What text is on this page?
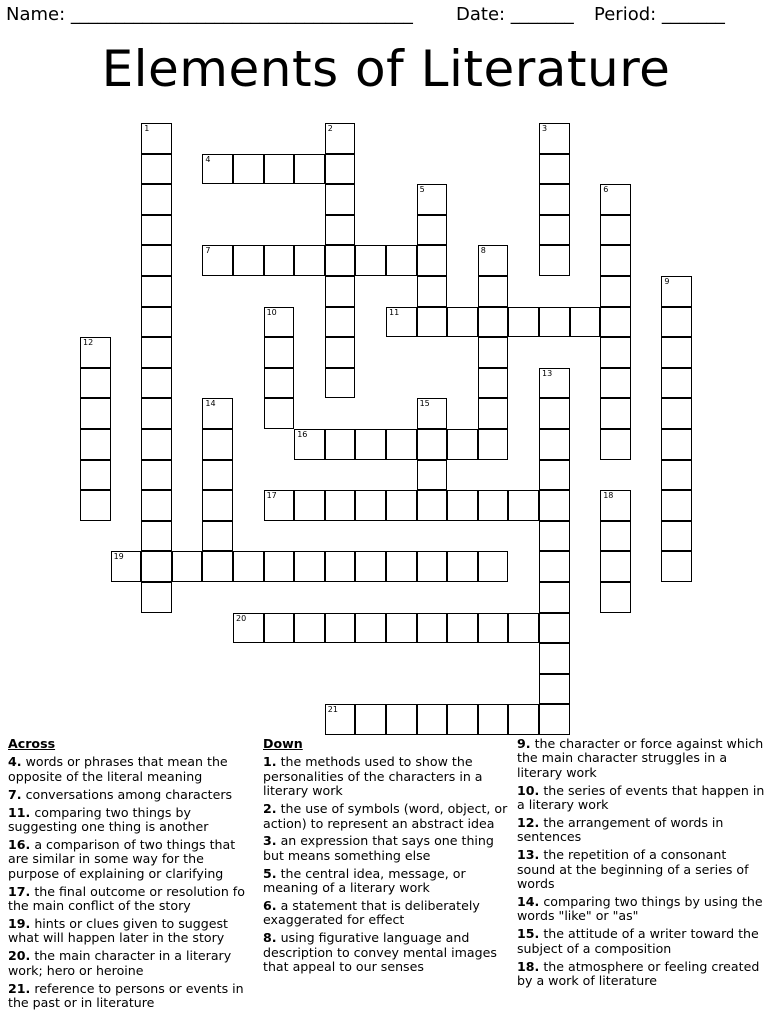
Name: ______________________________________ Date: _______ Period: _______
Elements of Literature
1	2	3
4
5	6
7	8
9
10	11
12
13
14	15
16
17	18
19
20
21
Across
4. words or phrases that mean the opposite of the literal meaning
7. conversations among characters
11. comparing two things by suggesting one thing is another
16. a comparison of two things that are similar in some way for the purpose of explaining or clarifying
17. the final outcome or resolution fo the main conflict of the story
19. hints or clues given to suggest what will happen later in the story
20. the main character in a literary work; hero or heroine
21. reference to persons or events in the past or in literature
Down
1. the methods used to show the personalities of the characters in a literary work
2. the use of symbols (word, object, or action) to represent an abstract idea
3. an expression that says one thing but means something else
5. the central idea, message, or meaning of a literary work
6. a statement that is deliberately exaggerated for effect
8. using figurative language and description to convey mental images that appeal to our senses
9. the character or force against which the main character struggles in a literary work
10. the series of events that happen in a literary work
12. the arrangement of words in sentences
13. the repetition of a consonant sound at the beginning of a series of words
14. comparing two things by using the words "like" or "as"
15. the attitude of a writer toward the subject of a composition
18. the atmosphere or feeling created by a work of literature
